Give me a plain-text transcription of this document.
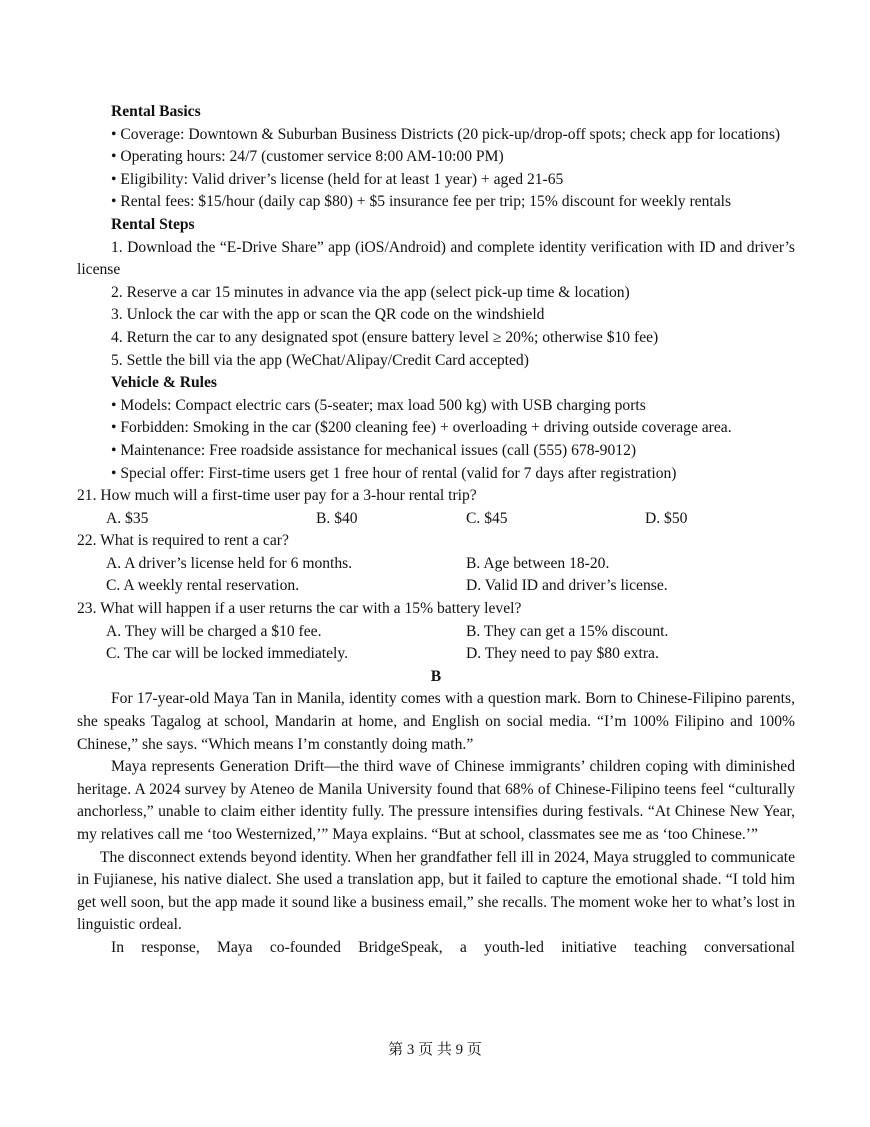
Rental Basics

• Coverage: Downtown & Suburban Business Districts (20 pick-up/drop-off spots; check app for locations)

• Operating hours: 24/7 (customer service 8:00 AM-10:00 PM)

• Eligibility: Valid driver’s license (held for at least 1 year) + aged 21-65

• Rental fees: $15/hour (daily cap $80) + $5 insurance fee per trip; 15% discount for weekly rentals

Rental Steps

1. Download the “E-Drive Share” app (iOS/Android) and complete identity verification with ID and driver’s license

2. Reserve a car 15 minutes in advance via the app (select pick-up time & location)

3. Unlock the car with the app or scan the QR code on the windshield

4. Return the car to any designated spot (ensure battery level ≥ 20%; otherwise $10 fee)

5. Settle the bill via the app (WeChat/Alipay/Credit Card accepted)

Vehicle & Rules

• Models: Compact electric cars (5-seater; max load 500 kg) with USB charging ports

• Forbidden: Smoking in the car ($200 cleaning fee) + overloading + driving outside coverage area.

• Maintenance: Free roadside assistance for mechanical issues (call (555) 678-9012)

• Special offer: First-time users get 1 free hour of rental (valid for 7 days after registration)

21. How much will a first-time user pay for a 3-hour rental trip?

A. $35	B. $40	C. $45	D. $50

22. What is required to rent a car?

A. A driver’s license held for 6 months.	B. Age between 18-20.
C. A weekly rental reservation.	D. Valid ID and driver’s license.

23. What will happen if a user returns the car with a 15% battery level?

A. They will be charged a $10 fee.	B. They can get a 15% discount.
C. The car will be locked immediately.	D. They need to pay $80 extra.

B

For 17-year-old Maya Tan in Manila, identity comes with a question mark. Born to Chinese-Filipino parents, she speaks Tagalog at school, Mandarin at home, and English on social media. “I’m 100% Filipino and 100% Chinese,” she says. “Which means I’m constantly doing math.”

Maya represents Generation Drift—the third wave of Chinese immigrants’ children coping with diminished heritage. A 2024 survey by Ateneo de Manila University found that 68% of Chinese-Filipino teens feel “culturally anchorless,” unable to claim either identity fully. The pressure intensifies during festivals. “At Chinese New Year, my relatives call me ‘too Westernized,’” Maya explains. “But at school, classmates see me as ‘too Chinese.’”

The disconnect extends beyond identity. When her grandfather fell ill in 2024, Maya struggled to communicate in Fujianese, his native dialect. She used a translation app, but it failed to capture the emotional shade. “I told him get well soon, but the app made it sound like a business email,” she recalls. The moment woke her to what’s lost in linguistic ordeal.

In response, Maya co-founded BridgeSpeak, a youth-led initiative teaching conversational

第 3 页 共 9 页
